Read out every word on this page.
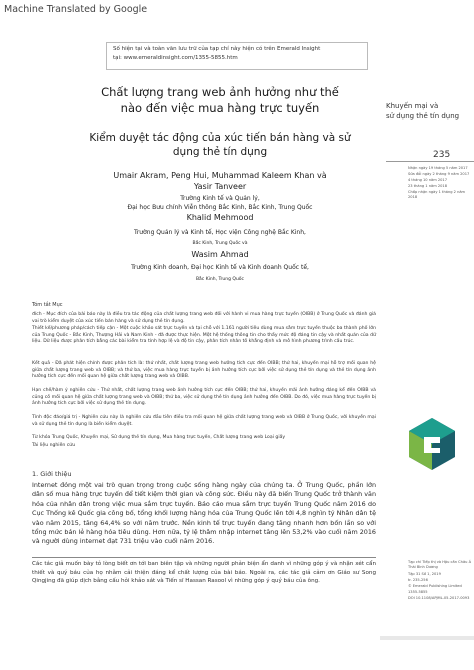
Machine Translated by Google
Số hiện tại và toàn văn lưu trữ của tạp chí này hiện có trên Emerald Insight
tại: www.emeraldinsight.com/1355-5855.htm
Chất lượng trang web ảnh hưởng như thế
nào đến việc mua hàng trực tuyến
Kiểm duyệt tác động của xúc tiến bán hàng và sử
dụng thẻ tín dụng
Umair Akram, Peng Hui, Muhammad Kaleem Khan và
Yasir Tanveer
Trường Kinh tế và Quản lý,
Đại học Bưu chính Viễn thông Bắc Kinh, Bắc Kinh, Trung Quốc
Khalid Mehmood
Trường Quản lý và Kinh tế, Học viện Công nghệ Bắc Kinh,
Bắc Kinh, Trung Quốc và
Wasim Ahmad
Trường Kinh doanh, Đại học Kinh tế và Kinh doanh Quốc tế,
Bắc Kinh, Trung Quốc
Khuyến mại và
sử dụng thẻ tín dụng
235
Nhận ngày 19 tháng 5 năm 2017
Sửa đổi ngày 2 tháng 9 năm 2017
4 tháng 10 năm 2017
23 tháng 1 năm 2018
Chấp nhận ngày 1 tháng 2 năm 2018
Tóm tắt Mục
đích - Mục đích của bài báo này là điều tra tác động của chất lượng trang web đối với hành vi mua hàng trực tuyến (OIBB) ở Trung Quốc và đánh giá vai trò kiểm duyệt của xúc tiến bán hàng và sử dụng thẻ tín dụng.
Thiết kế/phương pháp/cách tiếp cận - Một cuộc khảo sát trực tuyến và tại chỗ với 1.161 người tiêu dùng mua sắm trực tuyến thuộc ba thành phố lớn của Trung Quốc - Bắc Kinh, Thượng Hải và Nam Kinh - đã được thực hiện. Một hệ thống thông tin cho thấy mức độ đáng tin cậy và nhất quán của dữ liệu. Dữ liệu được phân tích bằng các bài kiểm tra tính hợp lệ và độ tin cậy, phân tích nhân tố khẳng định và mô hình phương trình cấu trúc.
Kết quả - Đã phát hiện chính được phân tích là: thứ nhất, chất lượng trang web hưởng tích cực đến OIBB; thứ hai, khuyến mại hỗ trợ mối quan hệ giữa chất lượng trang web và OIBB; và thứ ba, việc mua hàng trực tuyến bị ảnh hưởng tích cực bởi việc sử dụng thẻ tín dụng và thẻ tín dụng ảnh hưởng tích cực đến mối quan hệ giữa chất lượng trang web và OIBB.
Hạn chế/hàm ý nghiên cứu - Thứ nhất, chất lượng trang web ảnh hưởng tích cực đến OIBB; thứ hai, khuyến mãi ảnh hưởng đáng kể đến OIBB và củng cố mối quan hệ giữa chất lượng trang web và OIBB; thứ ba, việc sử dụng thẻ tín dụng ảnh hưởng đến OIBB. Do đó, việc mua hàng trực tuyến bị ảnh hưởng tích cực bởi việc sử dụng thẻ tín dụng.
Tính độc đáo/giá trị - Nghiên cứu này là nghiên cứu đầu tiên điều tra mối quan hệ giữa chất lượng trang web và OIBB ở Trung Quốc, với khuyến mại và sử dụng thẻ tín dụng là biến kiểm duyệt.
Từ khóa Trung Quốc, Khuyến mại, Sử dụng thẻ tín dụng, Mua hàng trực tuyến, Chất lượng trang web Loại giấy
Tài liệu nghiên cứu
1. Giới thiệu
Internet đóng một vai trò quan trọng trong cuộc sống hàng ngày của chúng ta. Ở Trung Quốc, phần lớn dân số mua hàng trực tuyến để tiết kiệm thời gian và công sức. Điều này đã biến Trung Quốc trở thành văn hóa của nhân dân trong việc mua sắm trực tuyến. Báo cáo mua sắm trực tuyến Trung Quốc năm 2016 do Cục Thống kê Quốc gia công bố, tổng khối lượng hàng hóa của Trung Quốc lên tới 4,8 nghìn tỷ Nhân dân tệ vào năm 2015, tăng 64,4% so với năm trước. Nền kinh tế trực tuyến đang tăng nhanh hơn bốn lần so với tổng mức bán lẻ hàng hóa tiêu dùng. Hơn nữa, tỷ lệ thâm nhập internet tăng lên 53,2% vào cuối năm 2016 và người dùng internet đạt 731 triệu vào cuối năm 2016.
Các tác giả muốn bày tỏ lòng biết ơn tới ban biên tập và những người phản biện ẩn danh vì những góp ý và nhận xét cẩn thiết và quý báu của họ nhằm cải thiện đáng kể chất lượng của bài báo. Ngoài ra, các tác giả cảm ơn Giáo sư Song Qingjing đã giúp dịch bằng cấu hỏi khảo sát và Tiến sĩ Hassan Rasool vì những góp ý quý báu của ông.
Tạp chí Tiếp thị và Hậu cần Châu Á Thái Bình Dương
Tập 31 Số 1, 2019
tr. 235-256
© Emerald Publishing Limited
1355-5855
DOI 10.1108/APJML-05-2017-0093
